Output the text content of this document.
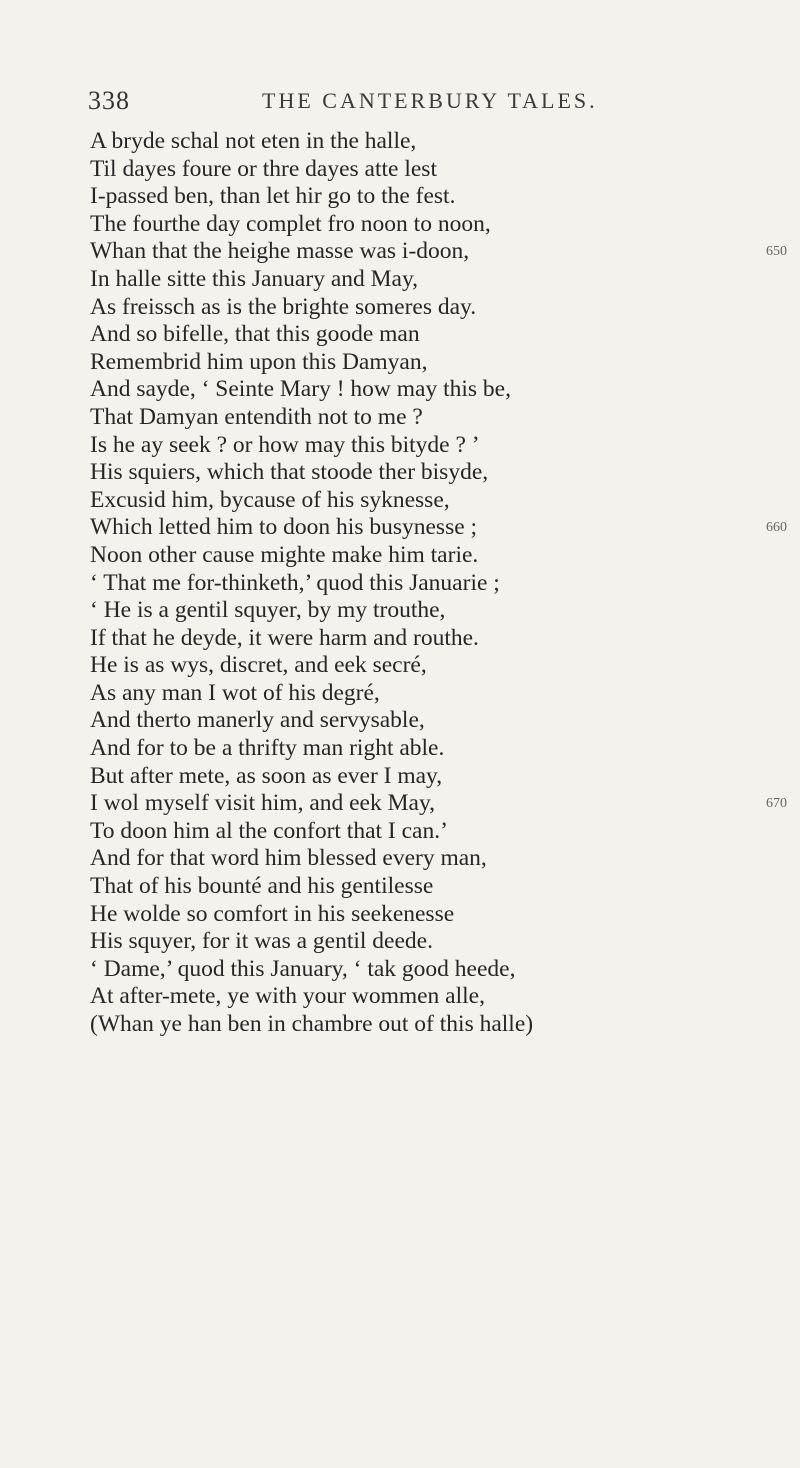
338	THE CANTERBURY TALES.
A bryde schal not eten in the halle,
Til dayes foure or thre dayes atte lest
I-passed ben, than let hir go to the fest.
The fourthe day complet fro noon to noon,
Whan that the heighe masse was i-doon,	650
In halle sitte this January and May,
As freissch as is the brighte someres day.
And so bifelle, that this goode man
Remembrid him upon this Damyan,
And sayde, ‘ Seinte Mary ! how may this be,
That Damyan entendith not to me ?
Is he ay seek ? or how may this bityde ? ’
His squiers, which that stoode ther bisyde,
Excusid him, bycause of his syknesse,
Which letted him to doon his busynesse ;	660
Noon other cause mighte make him tarie.
‘ That me for-thinketh,’ quod this Januarie ;
‘ He is a gentil squyer, by my trouthe,
If that he deyde, it were harm and routhe.
He is as wys, discret, and eek secré,
As any man I wot of his degré,
And therto manerly and servysable,
And for to be a thrifty man right able.
But after mete, as soon as ever I may,
I wol myself visit him, and eek May,	670
To doon him al the confort that I can.’
And for that word him blessed every man,
That of his bounté and his gentilesse
He wolde so comfort in his seekenesse
His squyer, for it was a gentil deede.
‘ Dame,’ quod this January, ‘ tak good heede,
At after-mete, ye with your wommen alle,
(Whan ye han ben in chambre out of this halle)
